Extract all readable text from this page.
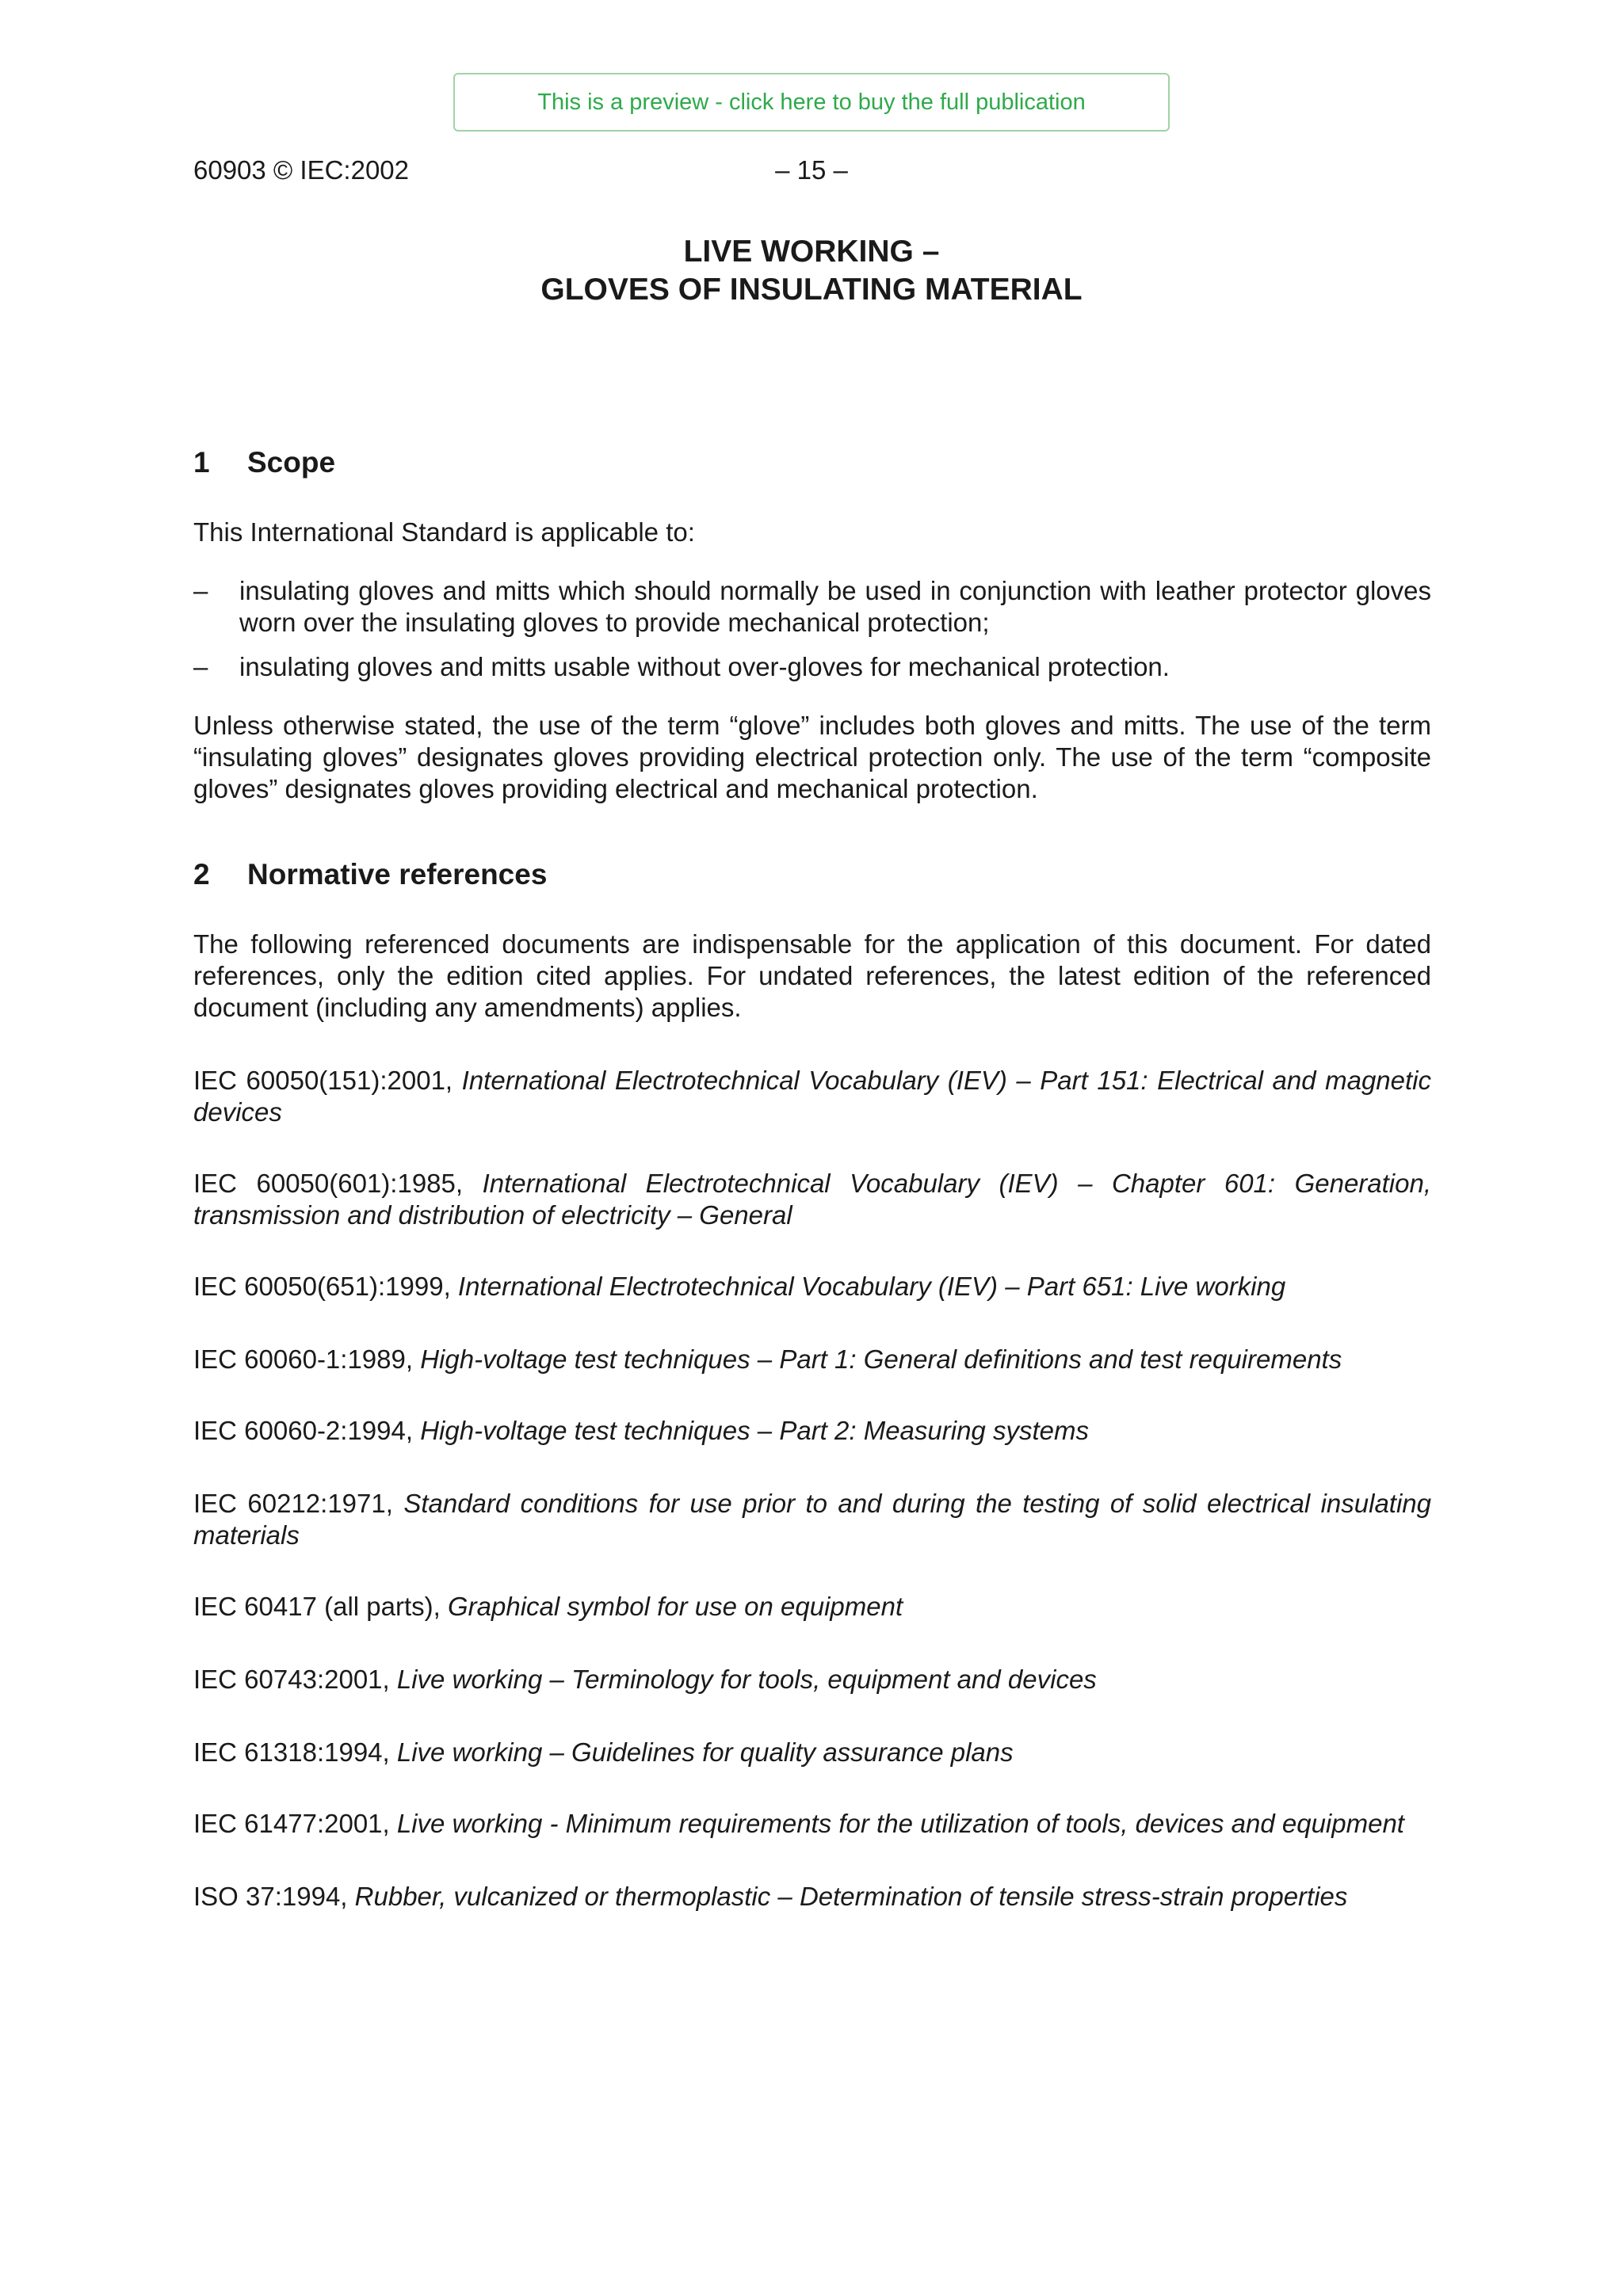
This is a preview - click here to buy the full publication
60903 © IEC:2002	– 15 –
LIVE WORKING –
GLOVES OF INSULATING MATERIAL
1 Scope

This International Standard is applicable to:

–	insulating gloves and mitts which should normally be used in conjunction with leather protector gloves worn over the insulating gloves to provide mechanical protection;
–	insulating gloves and mitts usable without over-gloves for mechanical protection.

Unless otherwise stated, the use of the term “glove” includes both gloves and mitts. The use of the term “insulating gloves” designates gloves providing electrical protection only. The use of the term “composite gloves” designates gloves providing electrical and mechanical protection.

2 Normative references

The following referenced documents are indispensable for the application of this document. For dated references, only the edition cited applies. For undated references, the latest edition of the referenced document (including any amendments) applies.

IEC 60050(151):2001, International Electrotechnical Vocabulary (IEV) – Part 151: Electrical and magnetic devices

IEC 60050(601):1985, International Electrotechnical Vocabulary (IEV) – Chapter 601: Generation, transmission and distribution of electricity – General

IEC 60050(651):1999, International Electrotechnical Vocabulary (IEV) – Part 651: Live working

IEC 60060-1:1989, High-voltage test techniques – Part 1: General definitions and test requirements

IEC 60060-2:1994, High-voltage test techniques – Part 2: Measuring systems

IEC 60212:1971, Standard conditions for use prior to and during the testing of solid electrical insulating materials

IEC 60417 (all parts), Graphical symbol for use on equipment

IEC 60743:2001, Live working – Terminology for tools, equipment and devices

IEC 61318:1994, Live working – Guidelines for quality assurance plans

IEC 61477:2001, Live working - Minimum requirements for the utilization of tools, devices and equipment

ISO 37:1994, Rubber, vulcanized or thermoplastic – Determination of tensile stress-strain properties
